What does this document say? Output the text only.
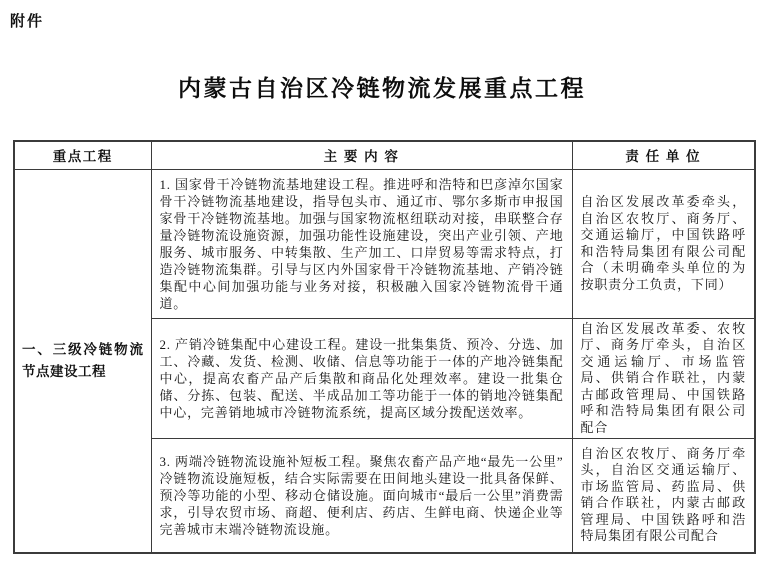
附件
内蒙古自治区冷链物流发展重点工程
重点工程	主 要 内 容	责 任 单 位
一、三级冷链物流节点建设工程	1. 国家骨干冷链物流基地建设工程。推进呼和浩特和巴彦淖尔国家骨干冷链物流基地建设，指导包头市、通辽市、鄂尔多斯市申报国家骨干冷链物流基地。加强与国家物流枢纽联动对接，串联整合存量冷链物流设施资源，加强功能性设施建设，突出产业引领、产地服务、城市服务、中转集散、生产加工、口岸贸易等需求特点，打造冷链物流集群。引导与区内外国家骨干冷链物流基地、产销冷链集配中心间加强功能与业务对接，积极融入国家冷链物流骨干通道。	自治区发展改革委牵头，自治区农牧厅、商务厅、交通运输厅，中国铁路呼和浩特局集团有限公司配合（未明确牵头单位的为按职责分工负责，下同）
	2. 产销冷链集配中心建设工程。建设一批集集货、预冷、分选、加工、冷藏、发货、检测、收储、信息等功能于一体的产地冷链集配中心，提高农畜产品产后集散和商品化处理效率。建设一批集仓储、分拣、包装、配送、半成品加工等功能于一体的销地冷链集配中心，完善销地城市冷链物流系统，提高区域分拨配送效率。	自治区发展改革委、农牧厅、商务厅牵头，自治区交通运输厅、市场监管局、供销合作联社，内蒙古邮政管理局、中国铁路呼和浩特局集团有限公司配合
	3. 两端冷链物流设施补短板工程。聚焦农畜产品产地“最先一公里”冷链物流设施短板，结合实际需要在田间地头建设一批具备保鲜、预冷等功能的小型、移动仓储设施。面向城市“最后一公里”消费需求，引导农贸市场、商超、便利店、药店、生鲜电商、快递企业等完善城市末端冷链物流设施。	自治区农牧厅、商务厅牵头，自治区交通运输厅、市场监管局、药监局、供销合作联社，内蒙古邮政管理局、中国铁路呼和浩特局集团有限公司配合
